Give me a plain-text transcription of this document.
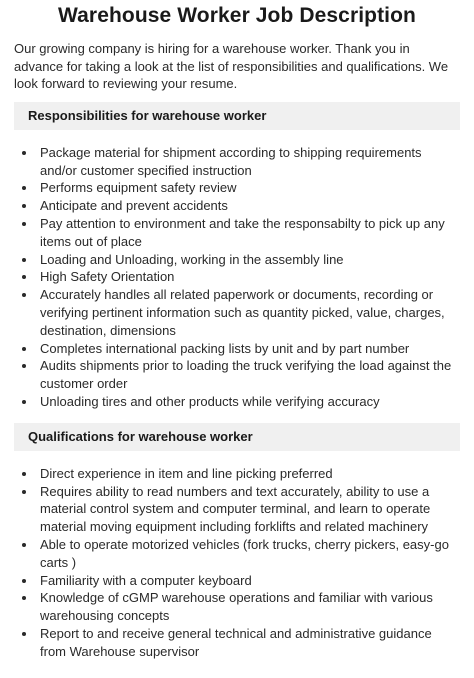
Warehouse Worker Job Description

Our growing company is hiring for a warehouse worker. Thank you in advance for taking a look at the list of responsibilities and qualifications. We look forward to reviewing your resume.

Responsibilities for warehouse worker
Package material for shipment according to shipping requirements and/or customer specified instruction
Performs equipment safety review
Anticipate and prevent accidents
Pay attention to environment and take the responsabilty to pick up any items out of place
Loading and Unloading, working in the assembly line
High Safety Orientation
Accurately handles all related paperwork or documents, recording or verifying pertinent information such as quantity picked, value, charges, destination, dimensions
Completes international packing lists by unit and by part number
Audits shipments prior to loading the truck verifying the load against the customer order
Unloading tires and other products while verifying accuracy
Qualifications for warehouse worker
Direct experience in item and line picking preferred
Requires ability to read numbers and text accurately, ability to use a material control system and computer terminal, and learn to operate material moving equipment including forklifts and related machinery
Able to operate motorized vehicles (fork trucks, cherry pickers, easy-go carts )
Familiarity with a computer keyboard
Knowledge of cGMP warehouse operations and familiar with various warehousing concepts
Report to and receive general technical and administrative guidance from Warehouse supervisor
